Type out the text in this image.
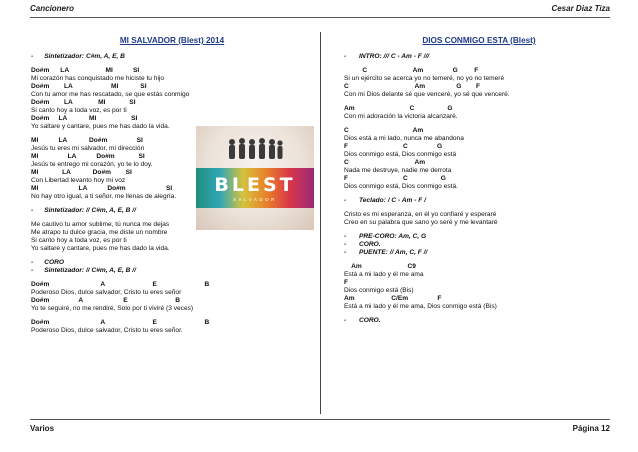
Cancionero	Cesar Diaz Tiza
MI SALVADOR (Blest) 2014
-      Sintetizador: C#m, A, E, B
Do#m      LA                    MI           SI
Mi corazón has conquistado me hiciste tu hijo
Do#m        LA                     MI            SI
Con tu amor me has rescatado, se que estás conmigo
Do#m        LA              MI             SI
Si canto hoy a toda voz, es por ti
Do#m     LA            MI                   SI
Yo saltare y cantare, pues me has dado la vida.
MI           LA            Do#m                SI
Jesús tu eres mi salvador, mi dirección
MI                LA           Do#m             SI
Jesús te entrego mi corazón, yo te lo doy.
MI             LA            Do#m        SI
Con Libertad levanto hoy mi voz
MI                      LA           Do#m                      SI
No hay otro igual, a ti señor, me llenas de alegría.
-      Sintetizador: // C#m, A, E, B //
Me cautivo tu amor sublime, tú nunca me dejas
Me atrapo tu dulce gracia, me diste un nombre
Si canto hoy a toda voz, es por ti
Yo saltare y cantare, pues me has dado la vida.
-      CORO
-      Sintetizador: // C#m, A, E, B //
Do#m                            A                          E                          B
Poderoso Dios, dulce salvador, Cristo tu eres señor
Do#m                A                      E                          B
Yo te seguiré, no me rendiré, Solo por ti viviré (3 veces)
Do#m                            A                          E                          B
Poderoso Dios, dulce salvador, Cristo tu eres señor.
BLEST
SALVADOR
DIOS CONMIGO ESTA (Blest)
-       INTRO: /// C - Am - F ///
C                         Am                G         F
Si un ejército se acerca yo no temeré, no yo no temeré
C                                    Am                 G        F
Con mi Dios delante sé que venceré, yo sé que venceré.
Am                              C                  G
Con mi adoración la victoria alcanzaré.
C                                   Am
Dios está a mi lado, nunca me abandona
F                              C                G
Dios conmigo está, Dios conmigo está
C                                    Am
Nada me destruye, nadie me derrota
F                              C                  G
Dios conmigo está, Dios conmigo está.
-       Teclado: / C - Am - F /
Cristo es mi esperanza, en él yo confiaré y esperaré
Creo en su palabra que sano yo seré y me levantaré
-       PRE-CORO: Am, C, G
-       CORO.
-       PUENTE: // Am, C, F //
Am                         C9
Está a mi lado y él me ama
F
Dios conmigo está (Bis)
Am                    C/Em                F
Está a mi lado y él me ama, Dios conmigo está (Bis)
-       CORO.
Varios	Página 12
